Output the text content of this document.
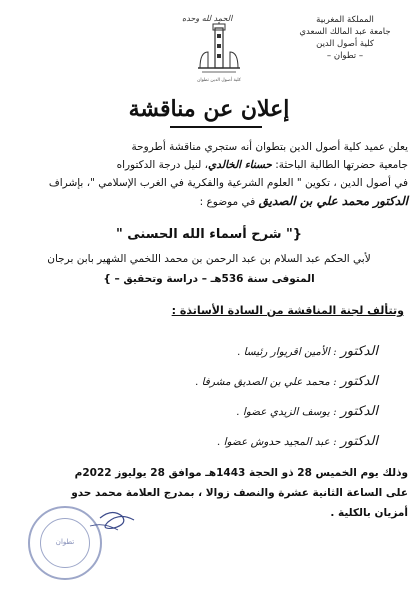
المملكة المغربية
جامعة عبد المالك السعدي
كلية أصول الدين
– تطوان –
الحمد لله وحده
كلية أصول الدين تطوان
إعلان عن مناقشة
يعلن عميد كلية أصول الدين بتطوان أنه ستجري مناقشة أطروحة
جامعية حضرتها الطالبة الباحثة: حسناء الخالدي، لنيل درجة الدكتوراه
في أصول الدين ، تكوين " العلوم الشرعية والفكرية في الغرب الإسلامي "، بإشراف
الدكتور محمد علي بن الصديق في موضوع :
{" شرح أسماء الله الحسنى "
لأبي الحكم عبد السلام بن عبد الرحمن بن محمد اللخمي الشهير بابن برجان
المتوفى سنة 536هـ – دراسة وتحقيق – }
وتتألف لجنة المناقشة من السادة الأساتذة :
الدكتور : الأمين اقريوار رئيسا .
الدكتور : محمد علي بن الصديق مشرفا .
الدكتور : يوسف الزيدي عضوا .
الدكتور : عبد المجيد حدوش عضوا .
وذلك يوم الخميس 28 ذو الحجة 1443هـ موافق 28 يوليوز 2022م
على الساعة الثانية عشرة والنصف زوالا ، بمدرج العلامة محمد حدو
أمزيان بالكلية .
تطوان
